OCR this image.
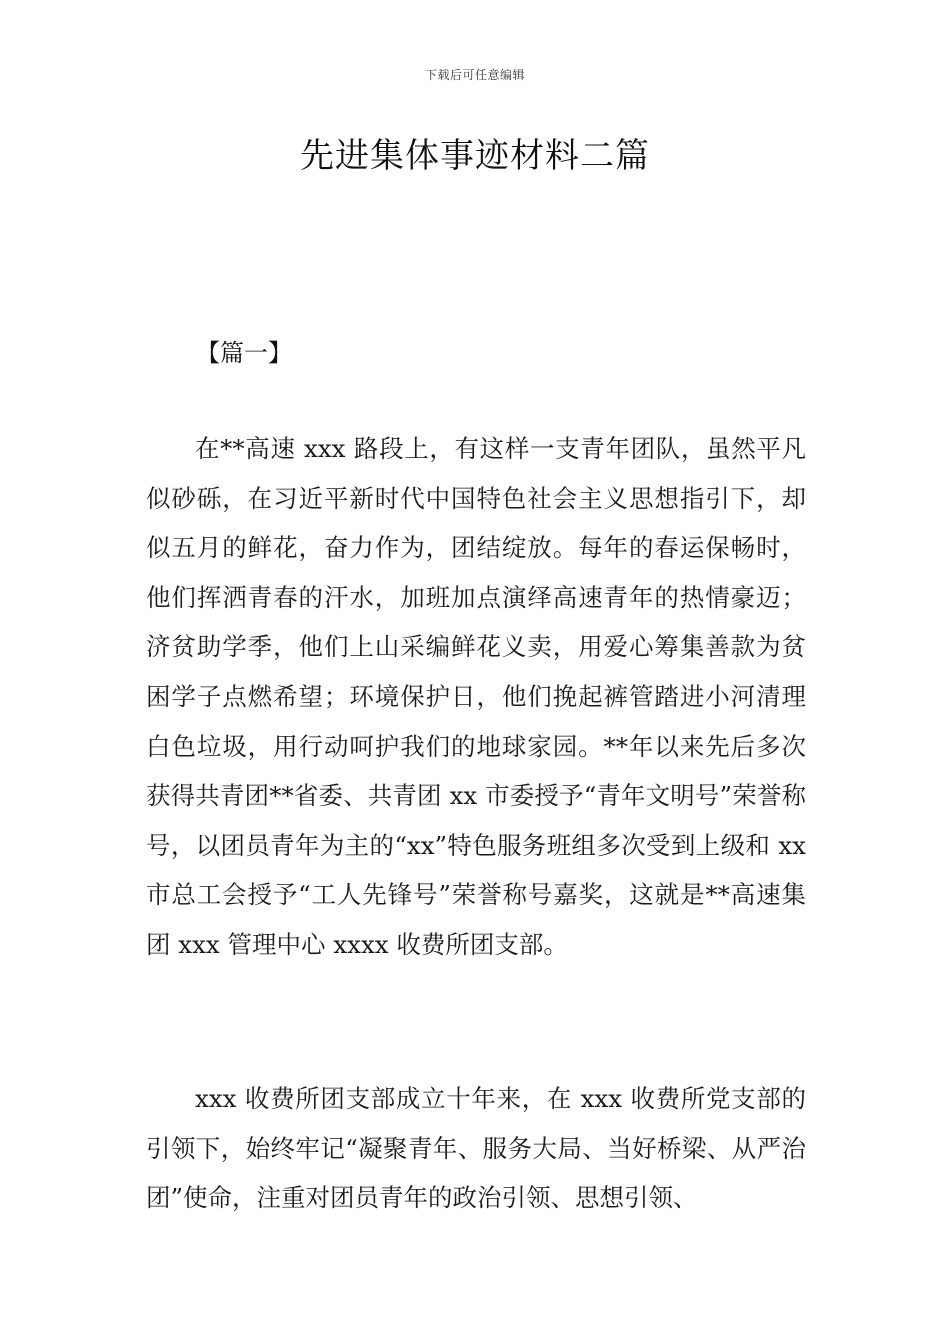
下载后可任意编辑
先进集体事迹材料二篇
【篇一】

在**高速 xxx 路段上，有这样一支青年团队，虽然平凡似砂砾，在习近平新时代中国特色社会主义思想指引下，却似五月的鲜花，奋力作为，团结绽放。每年的春运保畅时，他们挥洒青春的汗水，加班加点演绎高速青年的热情豪迈；济贫助学季，他们上山采编鲜花义卖，用爱心筹集善款为贫困学子点燃希望；环境保护日，他们挽起裤管踏进小河清理白色垃圾，用行动呵护我们的地球家园。**年以来先后多次获得共青团**省委、共青团 xx 市委授予“青年文明号”荣誉称号，以团员青年为主的“xx”特色服务班组多次受到上级和 xx 市总工会授予“工人先锋号”荣誉称号嘉奖，这就是**高速集团 xxx 管理中心 xxxx 收费所团支部。

xxx 收费所团支部成立十年来，在 xxx 收费所党支部的引领下，始终牢记“凝聚青年、服务大局、当好桥梁、从严治团”使命，注重对团员青年的政治引领、思想引领、
